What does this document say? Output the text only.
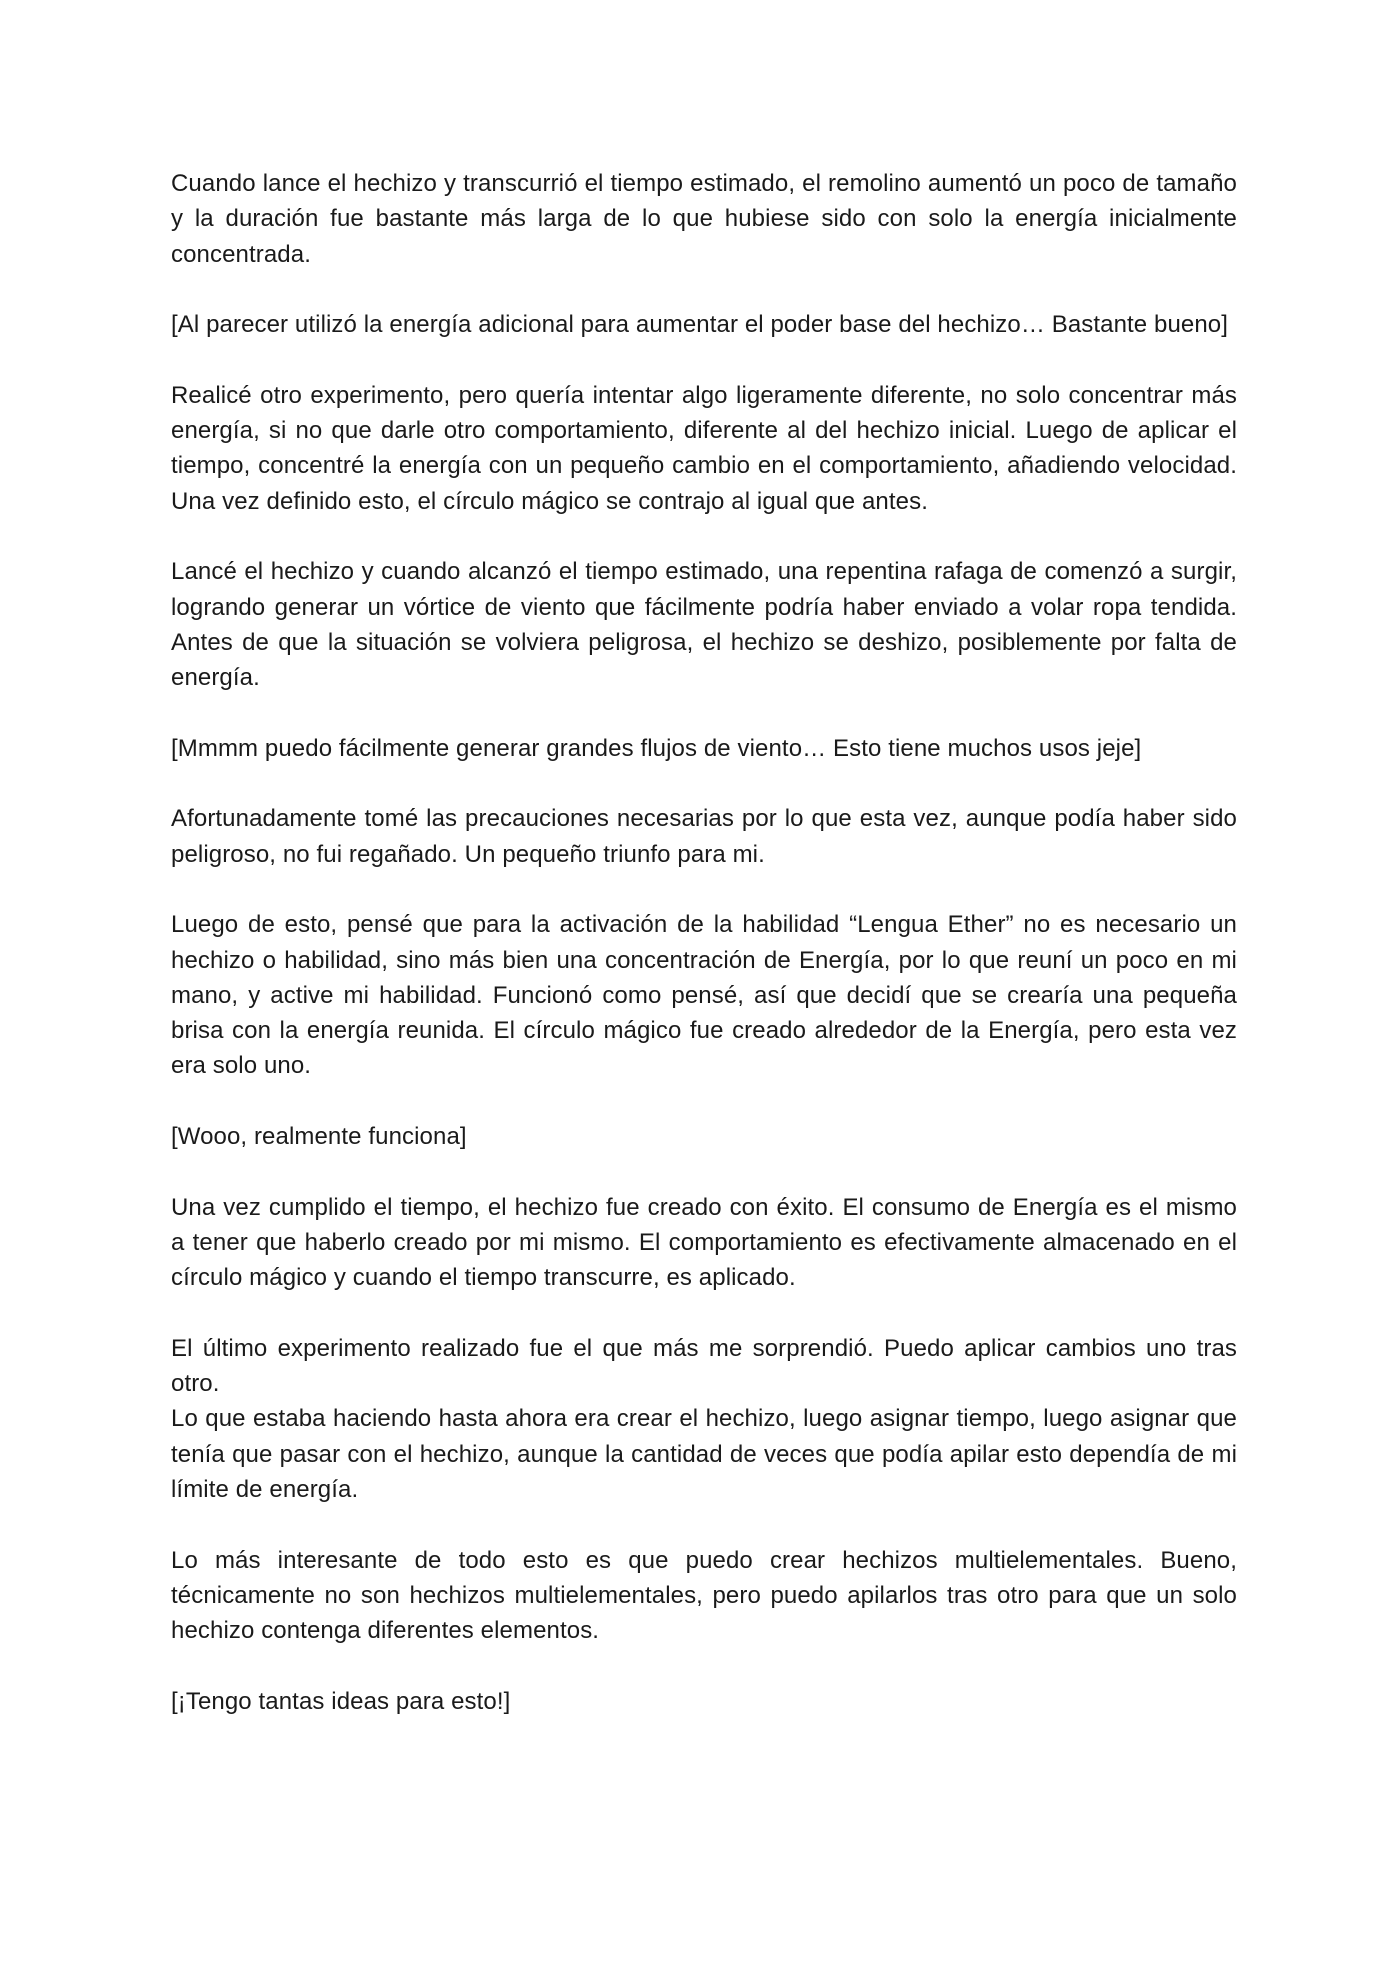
Cuando lance el hechizo y transcurrió el tiempo estimado, el remolino aumentó un poco de tamaño y la duración fue bastante más larga de lo que hubiese sido con solo la energía inicialmente concentrada.

[Al parecer utilizó la energía adicional para aumentar el poder base del hechizo… Bastante bueno]

Realicé otro experimento, pero quería intentar algo ligeramente diferente, no solo concentrar más energía, si no que darle otro comportamiento, diferente al del hechizo inicial. Luego de aplicar el tiempo, concentré la energía con un pequeño cambio en el comportamiento, añadiendo velocidad. Una vez definido esto, el círculo mágico se contrajo al igual que antes.

Lancé el hechizo y cuando alcanzó el tiempo estimado, una repentina rafaga de comenzó a surgir, logrando generar un vórtice de viento que fácilmente podría haber enviado a volar ropa tendida. Antes de que la situación se volviera peligrosa, el hechizo se deshizo, posiblemente por falta de energía.

[Mmmm puedo fácilmente generar grandes flujos de viento… Esto tiene muchos usos jeje]

Afortunadamente tomé las precauciones necesarias por lo que esta vez, aunque podía haber sido peligroso, no fui regañado. Un pequeño triunfo para mi.

Luego de esto, pensé que para la activación de la habilidad “Lengua Ether” no es necesario un hechizo o habilidad, sino más bien una concentración de Energía, por lo que reuní un poco en mi mano, y active mi habilidad. Funcionó como pensé, así que decidí que se crearía una pequeña brisa con la energía reunida. El círculo mágico fue creado alrededor de la Energía, pero esta vez era solo uno.

[Wooo, realmente funciona]

Una vez cumplido el tiempo, el hechizo fue creado con éxito. El consumo de Energía es el mismo a tener que haberlo creado por mi mismo. El comportamiento es efectivamente almacenado en el círculo mágico y cuando el tiempo transcurre, es aplicado.

El último experimento realizado fue el que más me sorprendió. Puedo aplicar cambios uno tras otro.

Lo que estaba haciendo hasta ahora era crear el hechizo, luego asignar tiempo, luego asignar que tenía que pasar con el hechizo, aunque la cantidad de veces que podía apilar esto dependía de mi límite de energía.

Lo más interesante de todo esto es que puedo crear hechizos multielementales. Bueno, técnicamente no son hechizos multielementales, pero puedo apilarlos tras otro para que un solo hechizo contenga diferentes elementos.

[¡Tengo tantas ideas para esto!]
